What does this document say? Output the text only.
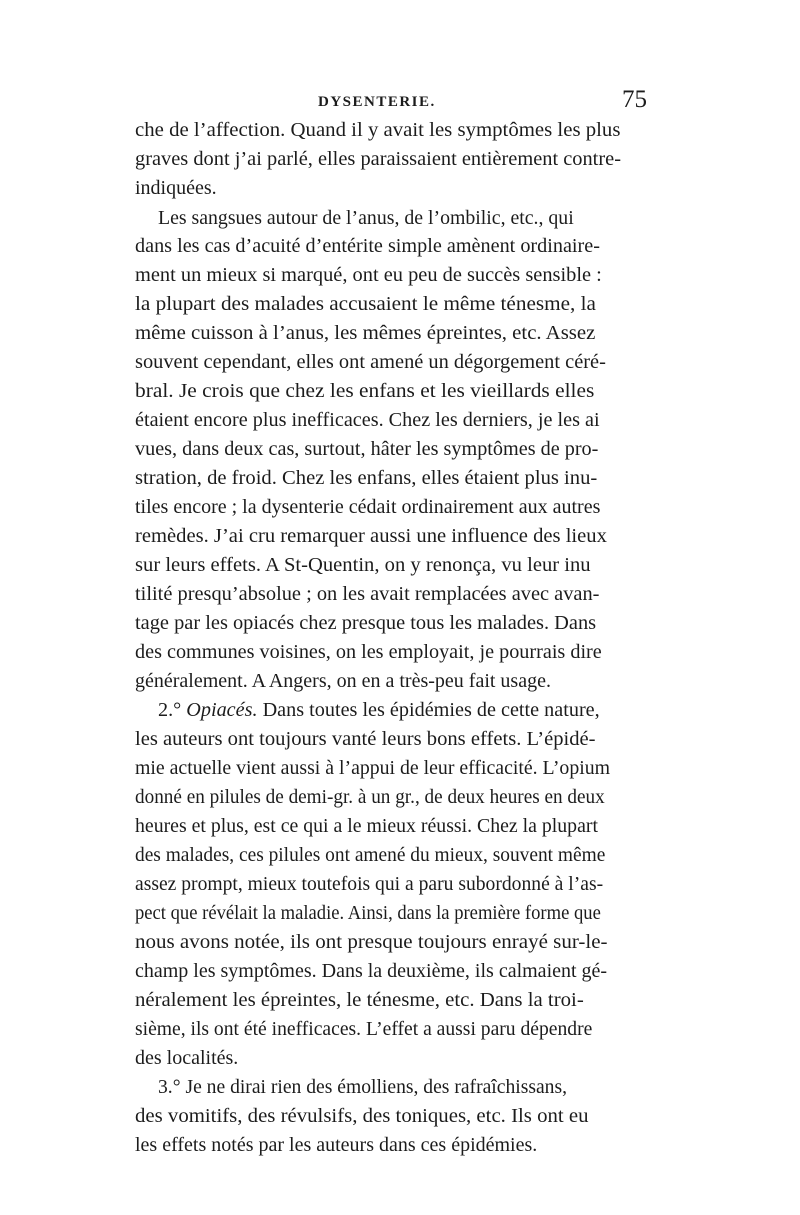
DYSENTERIE.	75

che de l’affection. Quand il y avait les symptômes les plus

graves dont j’ai parlé, elles paraissaient entièrement contre-

indiquées.

Les sangsues autour de l’anus, de l’ombilic, etc., qui

dans les cas d’acuité d’entérite simple amènent ordinaire-

ment un mieux si marqué, ont eu peu de succès sensible :

la plupart des malades accusaient le même ténesme, la

même cuisson à l’anus, les mêmes épreintes, etc. Assez

souvent cependant, elles ont amené un dégorgement céré-

bral. Je crois que chez les enfans et les vieillards elles

étaient encore plus inefficaces. Chez les derniers, je les ai

vues, dans deux cas, surtout, hâter les symptômes de pro-

stration, de froid. Chez les enfans, elles étaient plus inu-

tiles encore ; la dysenterie cédait ordinairement aux autres

remèdes. J’ai cru remarquer aussi une influence des lieux

sur leurs effets. A St-Quentin, on y renonça, vu leur inu

tilité presqu’absolue ; on les avait remplacées avec avan-

tage par les opiacés chez presque tous les malades. Dans

des communes voisines, on les employait, je pourrais dire

généralement. A Angers, on en a très-peu fait usage.

2.° Opiacés. Dans toutes les épidémies de cette nature,

les auteurs ont toujours vanté leurs bons effets. L’épidé-

mie actuelle vient aussi à l’appui de leur efficacité. L’opium

donné en pilules de demi-gr. à un gr., de deux heures en deux

heures et plus, est ce qui a le mieux réussi. Chez la plupart

des malades, ces pilules ont amené du mieux, souvent même

assez prompt, mieux toutefois qui a paru subordonné à l’as-

pect que révélait la maladie. Ainsi, dans la première forme que

nous avons notée, ils ont presque toujours enrayé sur-le-

champ les symptômes. Dans la deuxième, ils calmaient gé-

néralement les épreintes, le ténesme, etc. Dans la troi-

sième, ils ont été inefficaces. L’effet a aussi paru dépendre

des localités.

3.° Je ne dirai rien des émolliens, des rafraîchissans,

des vomitifs, des révulsifs, des toniques, etc. Ils ont eu

les effets notés par les auteurs dans ces épidémies.
